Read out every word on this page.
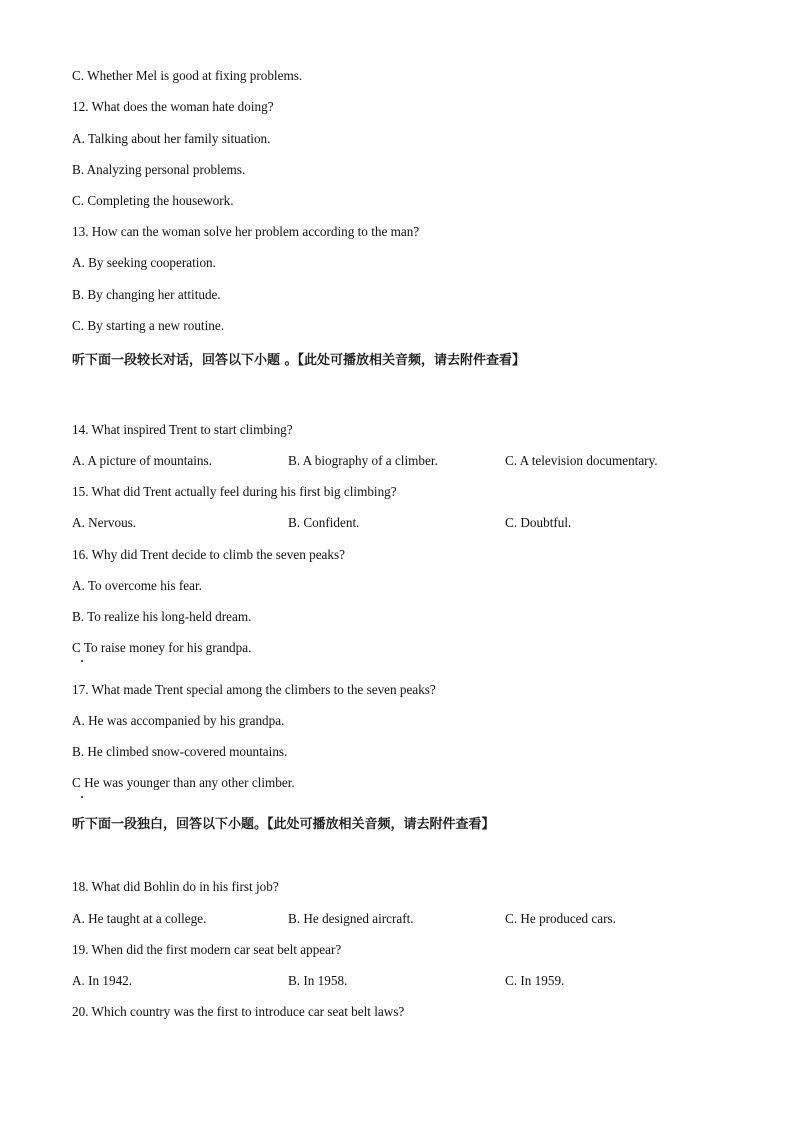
C. Whether Mel is good at fixing problems.
12. What does the woman hate doing?
A. Talking about her family situation.
B. Analyzing personal problems.
C. Completing the housework.
13. How can the woman solve her problem according to the man?
A. By seeking cooperation.
B. By changing her attitude.
C. By starting a new routine.
听下面一段较长对话，回答以下小题 。【此处可播放相关音频，请去附件查看】
14. What inspired Trent to start climbing?
A. A picture of mountains.	B. A biography of a climber.	C. A television documentary.
15. What did Trent actually feel during his first big climbing?
A. Nervous.	B. Confident.	C. Doubtful.
16. Why did Trent decide to climb the seven peaks?
A. To overcome his fear.
B. To realize his long-held dream.
C To raise money for his grandpa.
17. What made Trent special among the climbers to the seven peaks?
A. He was accompanied by his grandpa.
B. He climbed snow-covered mountains.
C He was younger than any other climber.
听下面一段独白，回答以下小题。【此处可播放相关音频，请去附件查看】
18. What did Bohlin do in his first job?
A. He taught at a college.	B. He designed aircraft.	C. He produced cars.
19. When did the first modern car seat belt appear?
A. In 1942.	B. In 1958.	C. In 1959.
20. Which country was the first to introduce car seat belt laws?
